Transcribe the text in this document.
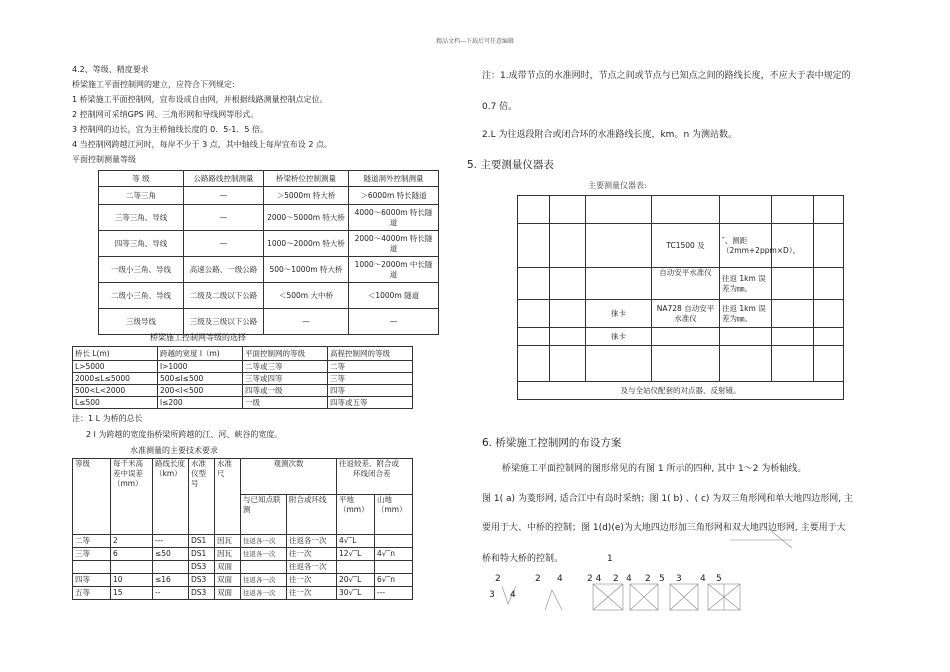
精品文档---下载后可任意编辑
4.2、等级、精度要求
桥梁施工平面控制网的建立，应符合下列规定:
1 桥梁施工平面控制网，宜布设成自由网，并根据线路测量控制点定位。
2 控制网可采纳GPS 网、三角形网和导线网等形式。
3 控制网的边长，宜为主桥轴线长度的 0．5-1．5 倍。
4 当控制网跨越江河时，每岸不少于 3 点，其中轴线上每岸宜布设 2 点。
平面控制测量等级
等 级	公路路线控制测量	桥梁桥位控制测量	隧道洞外控制测量
二等三角	—	＞5000m 特大桥	＞6000m 特长隧道
三等三角、导线	—	2000～5000m 特大桥	4000～6000m 特长隧道
四等三角、导线	—	1000～2000m 特大桥	2000～4000m 特长隧道
一级小三角、导线	高速公路、一级公路	500～1000m 特大桥	1000～2000m 中长隧道
二级小三角、导线	二级及二级以下公路	＜500m 大中桥	＜1000m 隧道
三级导线	三级及三级以下公路	—	—
桥梁施工控制网等级的选择
桥长 L(m)	跨越的宽度 l（m)	平面控制网的等级	高程控制网的等级
L>5000	l>1000	二等或三等	二等
2000≤L≤5000	500≤l≤500	三等或四等	三等
500<L<2000	200<l<500	四等或一级	四等
L≤500	l≤200	一级	四等或五等
注：1 L 为桥的总长
2 l 为跨越的宽度指桥梁所跨越的江、河、峡谷的宽度。
水准测量的主要技术要求
等级	每千米高差中误差（mm）	路线长度（km）	水准仪型号	水准尺	观测次数		往返较差、附合或
环线闭合差	
					与已知点联测	附合或环线	平地（mm）	山地（mm）
二等	2	---	DS1	因瓦	往返各一次	往返各一次	4√‾L	
三等	6	≤50	DS1	因瓦	往返各一次	往一次	12√‾L	4√‾n
			DS3	双面		往返各一次		
四等	10	≤16	DS3	双面	往返各一次	往一次	20√‾L	6√‾n
五等	15	--	DS3	双面	往返各一次	往一次	30√‾L	---
注：1.成带节点的水准网时，节点之间或节点与已知点之间的路线长度，不应大于表中规定的
0.7 倍。
2.L 为往返段附合或闭合环的水准路线长度，km。n 为测站数。
5. 主要测量仪器表
主要测量仪器表:

			TC1500 及	″、测距（2mm+2ppm×D）。		
			自动安平水准仪	往返 1km 误差为㎜。		
		徕卡	NA728 自动安平水准仪	往返 1km 误差为㎜。		
		徕卡				

及与全站仪配套的对点器、反射镜。						
6. 桥梁施工控制网的布设方案
桥梁施工平面控制网的图形常见的有图 1 所示的四种, 其中 1～2 为桥轴线。
图 1( a) 为菱形网, 适合江中有岛时采纳；图 1( b) 、( c) 为双三角形网和单大地四边形网, 主
要用于大、中桥的控制；图 1(d)(e)为大地四边形加三角形网和双大地四边形网, 主要用于大
桥和特大桥的控制。	1
2	2 4	2 4 2 4 2 5 3 4 5
3 4
